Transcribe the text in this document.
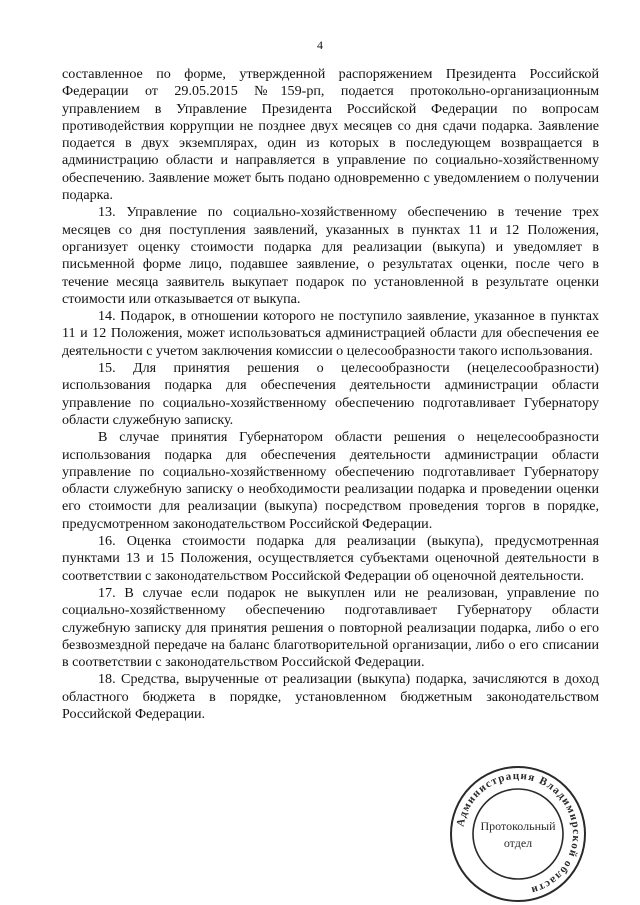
4

составленное по форме, утвержденной распоряжением Президента Российской Федерации от 29.05.2015 №159-рп, подается протокольно-организационным управлением в Управление Президента Российской Федерации по вопросам противодействия коррупции не позднее двух месяцев со дня сдачи подарка. Заявление подается в двух экземплярах, один из которых в последующем возвращается в администрацию области и направляется в управление по социально-хозяйственному обеспечению. Заявление может быть подано одновременно с уведомлением о получении подарка.

13. Управление по социально-хозяйственному обеспечению в течение трех месяцев со дня поступления заявлений, указанных в пунктах 11 и 12 Положения, организует оценку стоимости подарка для реализации (выкупа) и уведомляет в письменной форме лицо, подавшее заявление, о результатах оценки, после чего в течение месяца заявитель выкупает подарок по установленной в результате оценки стоимости или отказывается от выкупа.

14. Подарок, в отношении которого не поступило заявление, указанное в пунктах 11 и 12 Положения, может использоваться администрацией области для обеспечения ее деятельности с учетом заключения комиссии о целесообразности такого использования.

15. Для принятия решения о целесообразности (нецелесообразности) использования подарка для обеспечения деятельности администрации области управление по социально-хозяйственному обеспечению подготавливает Губернатору области служебную записку.

В случае принятия Губернатором области решения о нецелесообразности использования подарка для обеспечения деятельности администрации области управление по социально-хозяйственному обеспечению подготавливает Губернатору области служебную записку о необходимости реализации подарка и проведении оценки его стоимости для реализации (выкупа) посредством проведения торгов в порядке, предусмотренном законодательством Российской Федерации.

16. Оценка стоимости подарка для реализации (выкупа), предусмотренная пунктами 13 и 15 Положения, осуществляется субъектами оценочной деятельности в соответствии с законодательством Российской Федерации об оценочной деятельности.

17. В случае если подарок не выкуплен или не реализован, управление по социально-хозяйственному обеспечению подготавливает Губернатору области служебную записку для принятия решения о повторной реализации подарка, либо о его безвозмездной передаче на баланс благотворительной организации, либо о его списании в соответствии с законодательством Российской Федерации.

18. Средства, вырученные от реализации (выкупа) подарка, зачисляются в доход областного бюджета в порядке, установленном бюджетным законодательством Российской Федерации.

Администрация Владимирской области
Протокольный
отдел
